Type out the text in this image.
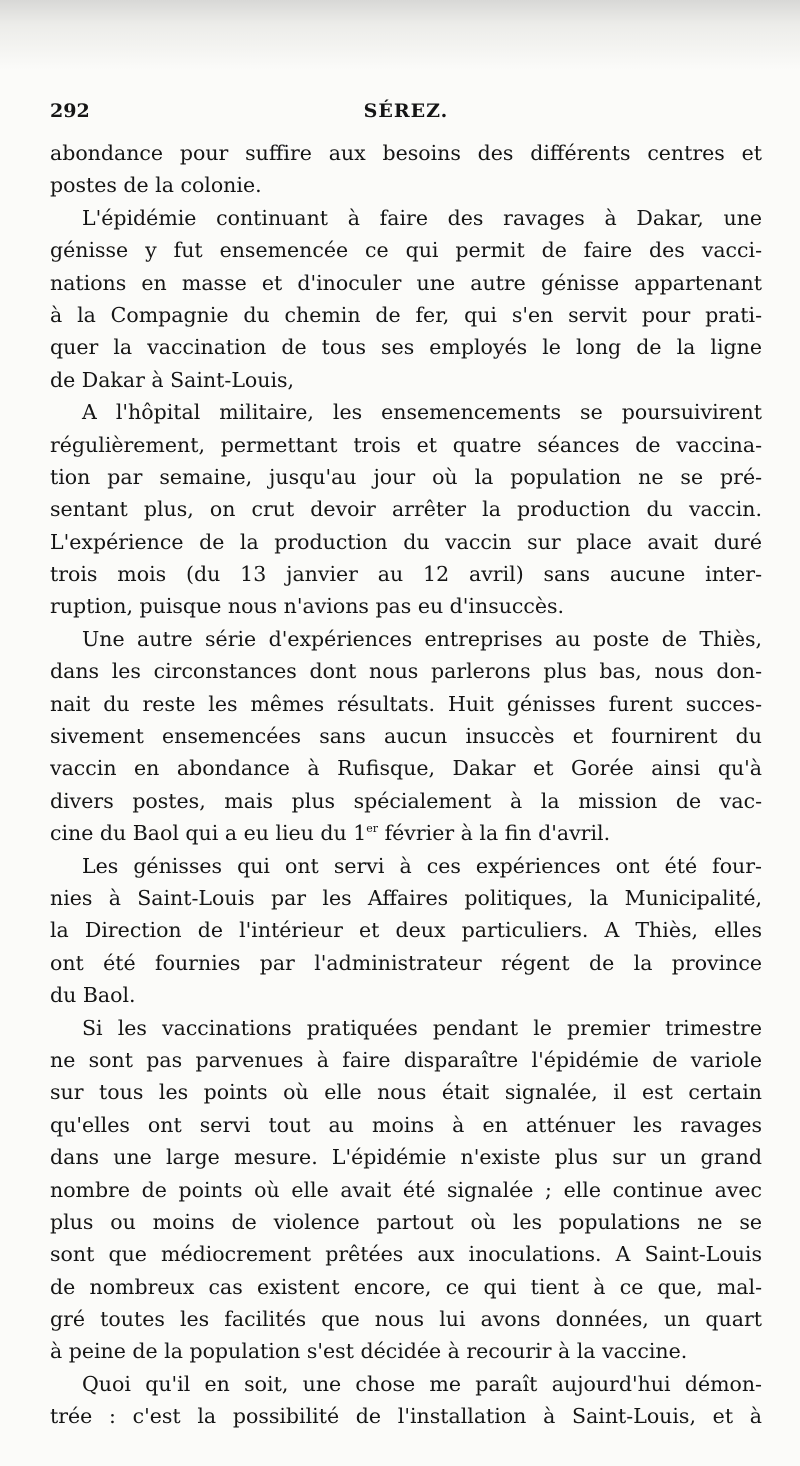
292	SÉREZ.
abondance pour suffire aux besoins des différents centres et
postes de la colonie.
L'épidémie continuant à faire des ravages à Dakar, une
génisse y fut ensemencée ce qui permit de faire des vacci-
nations en masse et d'inoculer une autre génisse appartenant
à la Compagnie du chemin de fer, qui s'en servit pour prati-
quer la vaccination de tous ses employés le long de la ligne
de Dakar à Saint-Louis,
A l'hôpital militaire, les ensemencements se poursuivirent
régulièrement, permettant trois et quatre séances de vaccina-
tion par semaine, jusqu'au jour où la population ne se pré-
sentant plus, on crut devoir arrêter la production du vaccin.
L'expérience de la production du vaccin sur place avait duré
trois mois (du 13 janvier au 12 avril) sans aucune inter-
ruption, puisque nous n'avions pas eu d'insuccès.
Une autre série d'expériences entreprises au poste de Thiès,
dans les circonstances dont nous parlerons plus bas, nous don-
nait du reste les mêmes résultats. Huit génisses furent succes-
sivement ensemencées sans aucun insuccès et fournirent du
vaccin en abondance à Rufisque, Dakar et Gorée ainsi qu'à
divers postes, mais plus spécialement à la mission de vac-
cine du Baol qui a eu lieu du 1er février à la fin d'avril.
Les génisses qui ont servi à ces expériences ont été four-
nies à Saint-Louis par les Affaires politiques, la Municipalité,
la Direction de l'intérieur et deux particuliers. A Thiès, elles
ont été fournies par l'administrateur régent de la province
du Baol.
Si les vaccinations pratiquées pendant le premier trimestre
ne sont pas parvenues à faire disparaître l'épidémie de variole
sur tous les points où elle nous était signalée, il est certain
qu'elles ont servi tout au moins à en atténuer les ravages
dans une large mesure. L'épidémie n'existe plus sur un grand
nombre de points où elle avait été signalée ; elle continue avec
plus ou moins de violence partout où les populations ne se
sont que médiocrement prêtées aux inoculations. A Saint-Louis
de nombreux cas existent encore, ce qui tient à ce que, mal-
gré toutes les facilités que nous lui avons données, un quart
à peine de la population s'est décidée à recourir à la vaccine.
Quoi qu'il en soit, une chose me paraît aujourd'hui démon-
trée : c'est la possibilité de l'installation à Saint-Louis, et à
